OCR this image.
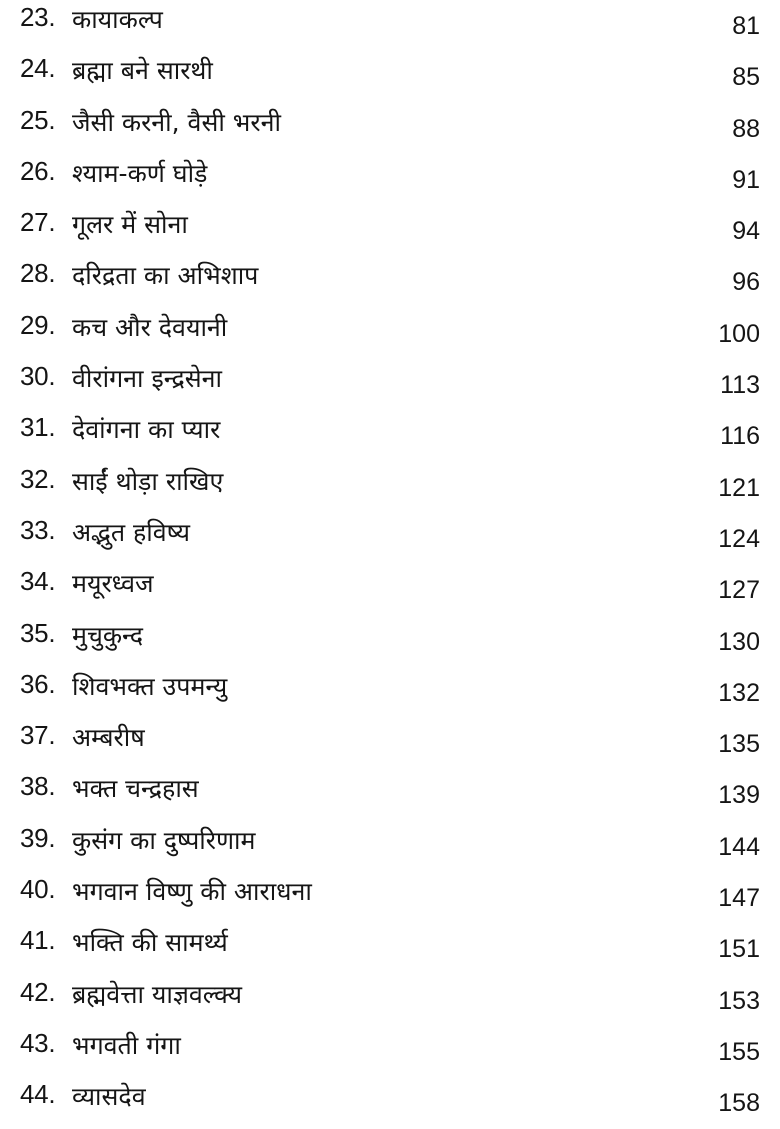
23. कायाकल्प	81
24. ब्रह्मा बने सारथी	85
25. जैसी करनी, वैसी भरनी	88
26. श्याम-कर्ण घोड़े	91
27. गूलर में सोना	94
28. दरिद्रता का अभिशाप	96
29. कच और देवयानी	100
30. वीरांगना इन्द्रसेना	113
31. देवांगना का प्यार	116
32. साईं थोड़ा राखिए	121
33. अद्भुत हविष्य	124
34. मयूरध्वज	127
35. मुचुकुन्द	130
36. शिवभक्त उपमन्यु	132
37. अम्बरीष	135
38. भक्त चन्द्रहास	139
39. कुसंग का दुष्परिणाम	144
40. भगवान विष्णु की आराधना	147
41. भक्ति की सामर्थ्य	151
42. ब्रह्मवेत्ता याज्ञवल्क्य	153
43. भगवती गंगा	155
44. व्यासदेव	158
